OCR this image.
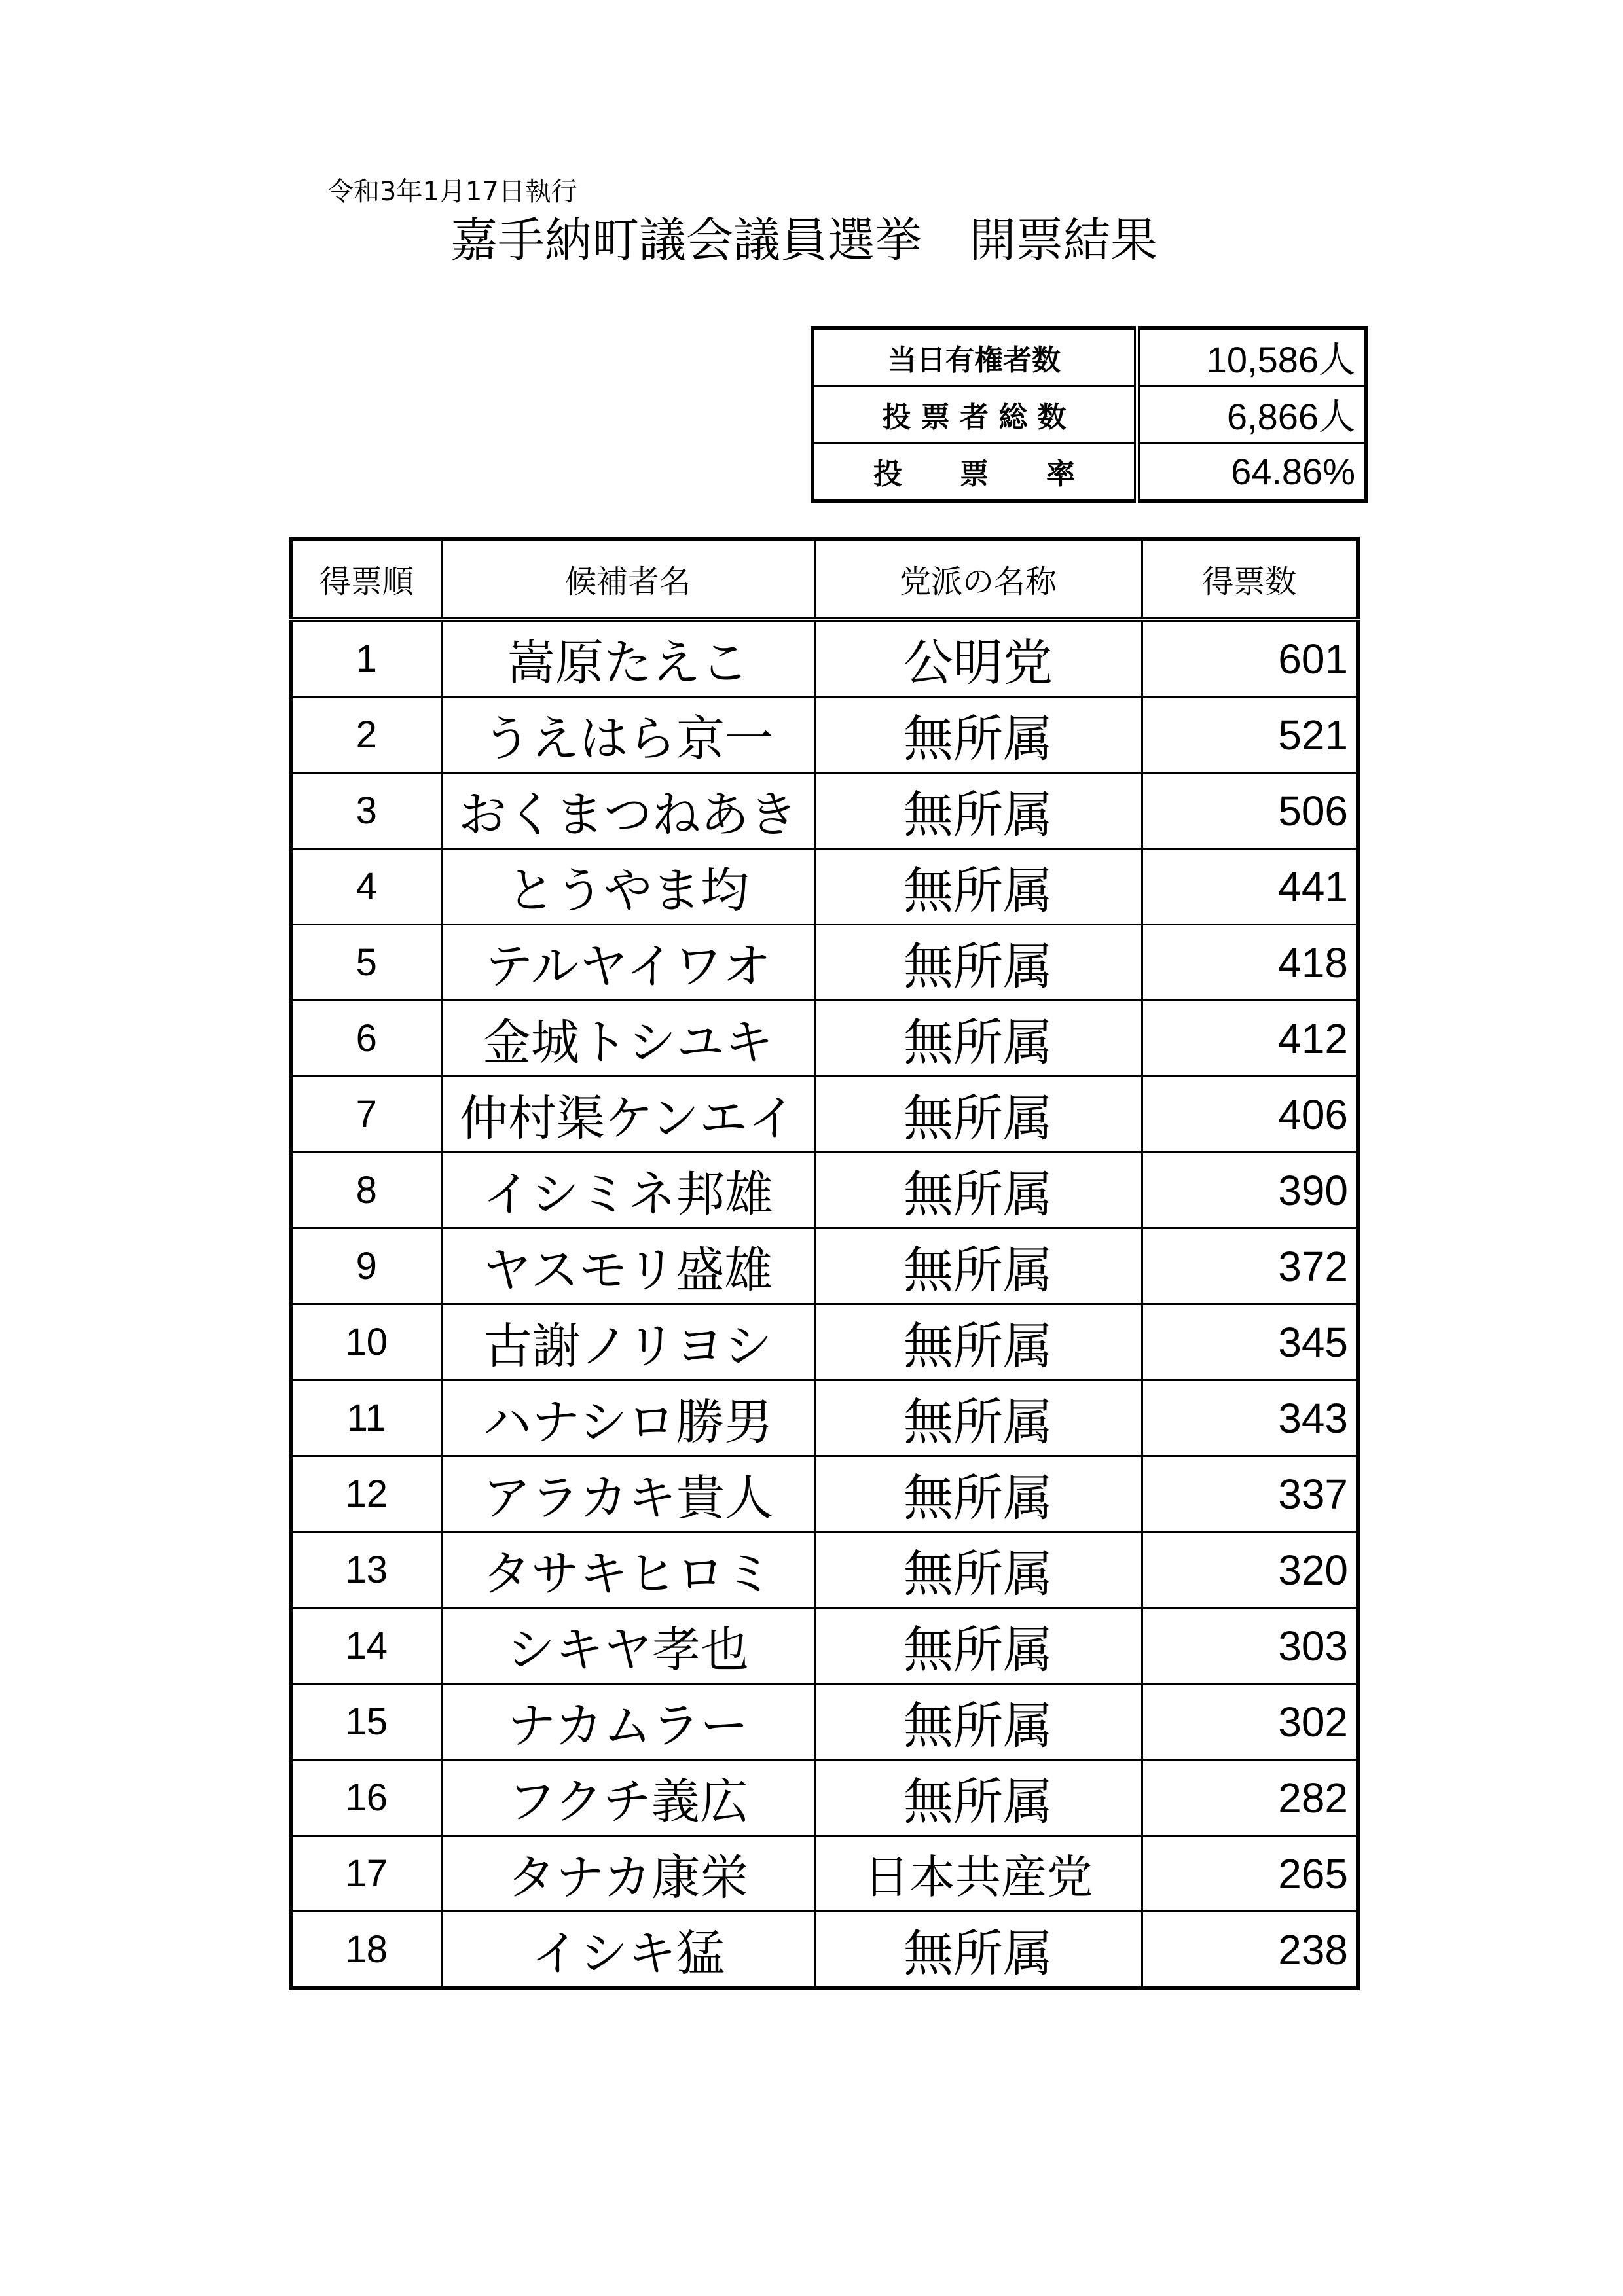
令和3年1月17日執行
嘉手納町議会議員選挙　開票結果
当日有権者数	10,586人
投 票 者 総 数	6,866人
投　　票　　率	64.86%
得票順	候補者名	党派の名称	得票数
1	嵩原たえこ	公明党	601
2	うえはら京一	無所属	521
3	おくまつねあき	無所属	506
4	とうやま均	無所属	441
5	テルヤイワオ	無所属	418
6	金城トシユキ	無所属	412
7	仲村渠ケンエイ	無所属	406
8	イシミネ邦雄	無所属	390
9	ヤスモリ盛雄	無所属	372
10	古謝ノリヨシ	無所属	345
11	ハナシロ勝男	無所属	343
12	アラカキ貴人	無所属	337
13	タサキヒロミ	無所属	320
14	シキヤ孝也	無所属	303
15	ナカムラー	無所属	302
16	フクチ義広	無所属	282
17	タナカ康栄	日本共産党	265
18	イシキ猛	無所属	238
